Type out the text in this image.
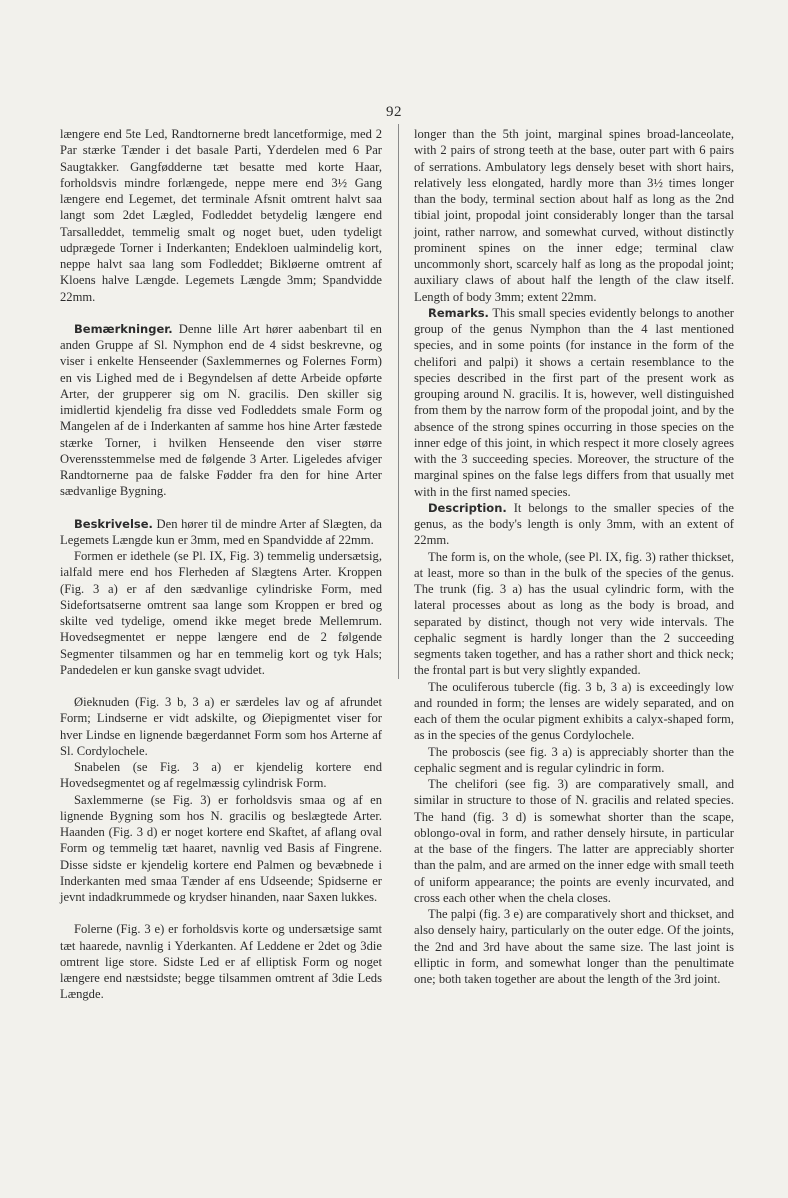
92

længere end 5te Led, Randtornerne bredt lancetformige, med 2 Par stærke Tænder i det basale Parti, Yderdelen med 6 Par Saugtakker. Gangfødderne tæt besatte med korte Haar, forholdsvis mindre forlængede, neppe mere end 3½ Gang længere end Legemet, det terminale Afsnit omtrent halvt saa langt som 2det Lægled, Fodleddet betydelig længere end Tarsalleddet, temmelig smalt og noget buet, uden tydeligt udprægede Torner i Inderkanten; Endekloen ualmindelig kort, neppe halvt saa lang som Fodleddet; Bikløerne omtrent af Kloens halve Længde. Legemets Længde 3mm; Spandvidde 22mm.

Bemærkninger. Denne lille Art hører aabenbart til en anden Gruppe af Sl. Nymphon end de 4 sidst beskrevne, og viser i enkelte Henseender (Saxlemmernes og Folernes Form) en vis Lighed med de i Begyndelsen af dette Arbeide opførte Arter, der grupperer sig om N. gracilis. Den skiller sig imidlertid kjendelig fra disse ved Fodleddets smale Form og Mangelen af de i Inderkanten af samme hos hine Arter fæstede stærke Torner, i hvilken Henseende den viser større Overensstemmelse med de følgende 3 Arter. Ligeledes afviger Randtornerne paa de falske Fødder fra den for hine Arter sædvanlige Bygning.

Beskrivelse. Den hører til de mindre Arter af Slægten, da Legemets Længde kun er 3mm, med en Spandvidde af 22mm.

Formen er idethele (se Pl. IX, Fig. 3) temmelig undersætsig, ialfald mere end hos Flerheden af Slægtens Arter. Kroppen (Fig. 3 a) er af den sædvanlige cylindriske Form, med Sidefortsatserne omtrent saa lange som Kroppen er bred og skilte ved tydelige, omend ikke meget brede Mellemrum. Hovedsegmentet er neppe længere end de 2 følgende Segmenter tilsammen og har en temmelig kort og tyk Hals; Pandedelen er kun ganske svagt udvidet.

Øieknuden (Fig. 3 b, 3 a) er særdeles lav og af afrundet Form; Lindserne er vidt adskilte, og Øiepigmentet viser for hver Lindse en lignende bægerdannet Form som hos Arterne af Sl. Cordylochele.

Snabelen (se Fig. 3 a) er kjendelig kortere end Hovedsegmentet og af regelmæssig cylindrisk Form.

Saxlemmerne (se Fig. 3) er forholdsvis smaa og af en lignende Bygning som hos N. gracilis og beslægtede Arter. Haanden (Fig. 3 d) er noget kortere end Skaftet, af aflang oval Form og temmelig tæt haaret, navnlig ved Basis af Fingrene. Disse sidste er kjendelig kortere end Palmen og bevæbnede i Inderkanten med smaa Tænder af ens Udseende; Spidserne er jevnt indadkrummede og krydser hinanden, naar Saxen lukkes.

Folerne (Fig. 3 e) er forholdsvis korte og undersætsige samt tæt haarede, navnlig i Yderkanten. Af Leddene er 2det og 3die omtrent lige store. Sidste Led er af elliptisk Form og noget længere end næstsidste; begge tilsammen omtrent af 3die Leds Længde.

longer than the 5th joint, marginal spines broad-lanceolate, with 2 pairs of strong teeth at the base, outer part with 6 pairs of serrations. Ambulatory legs densely beset with short hairs, relatively less elongated, hardly more than 3½ times longer than the body, terminal section about half as long as the 2nd tibial joint, propodal joint considerably longer than the tarsal joint, rather narrow, and somewhat curved, without distinctly prominent spines on the inner edge; terminal claw uncommonly short, scarcely half as long as the propodal joint; auxiliary claws of about half the length of the claw itself. Length of body 3mm; extent 22mm.

Remarks. This small species evidently belongs to another group of the genus Nymphon than the 4 last mentioned species, and in some points (for instance in the form of the chelifori and palpi) it shows a certain resemblance to the species described in the first part of the present work as grouping around N. gracilis. It is, however, well distinguished from them by the narrow form of the propodal joint, and by the absence of the strong spines occurring in those species on the inner edge of this joint, in which respect it more closely agrees with the 3 succeeding species. Moreover, the structure of the marginal spines on the false legs differs from that usually met with in the first named species.

Description. It belongs to the smaller species of the genus, as the body's length is only 3mm, with an extent of 22mm.

The form is, on the whole, (see Pl. IX, fig. 3) rather thickset, at least, more so than in the bulk of the species of the genus. The trunk (fig. 3 a) has the usual cylindric form, with the lateral processes about as long as the body is broad, and separated by distinct, though not very wide intervals. The cephalic segment is hardly longer than the 2 succeeding segments taken together, and has a rather short and thick neck; the frontal part is but very slightly expanded.

The oculiferous tubercle (fig. 3 b, 3 a) is exceedingly low and rounded in form; the lenses are widely separated, and on each of them the ocular pigment exhibits a calyx-shaped form, as in the species of the genus Cordylochele.

The proboscis (see fig. 3 a) is appreciably shorter than the cephalic segment and is regular cylindric in form.

The chelifori (see fig. 3) are comparatively small, and similar in structure to those of N. gracilis and related species. The hand (fig. 3 d) is somewhat shorter than the scape, oblongo-oval in form, and rather densely hirsute, in particular at the base of the fingers. The latter are appreciably shorter than the palm, and are armed on the inner edge with small teeth of uniform appearance; the points are evenly incurvated, and cross each other when the chela closes.

The palpi (fig. 3 e) are comparatively short and thickset, and also densely hairy, particularly on the outer edge. Of the joints, the 2nd and 3rd have about the same size. The last joint is elliptic in form, and somewhat longer than the penultimate one; both taken together are about the length of the 3rd joint.
